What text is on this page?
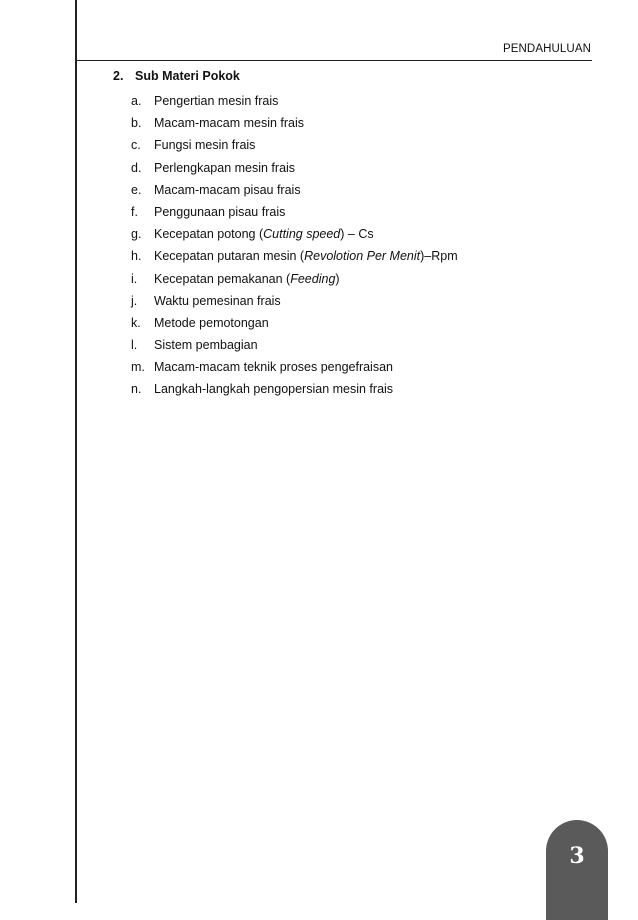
PENDAHULUAN
2. Sub Materi Pokok
a. Pengertian mesin frais
b. Macam-macam mesin frais
c. Fungsi mesin frais
d. Perlengkapan mesin frais
e. Macam-macam pisau frais
f. Penggunaan pisau frais
g. Kecepatan potong (Cutting speed) – Cs
h. Kecepatan putaran mesin (Revolotion Per Menit)–Rpm
i. Kecepatan pemakanan (Feeding)
j. Waktu pemesinan frais
k. Metode pemotongan
l. Sistem pembagian
m. Macam-macam teknik proses pengefraisan
n. Langkah-langkah pengopersian mesin frais
3
